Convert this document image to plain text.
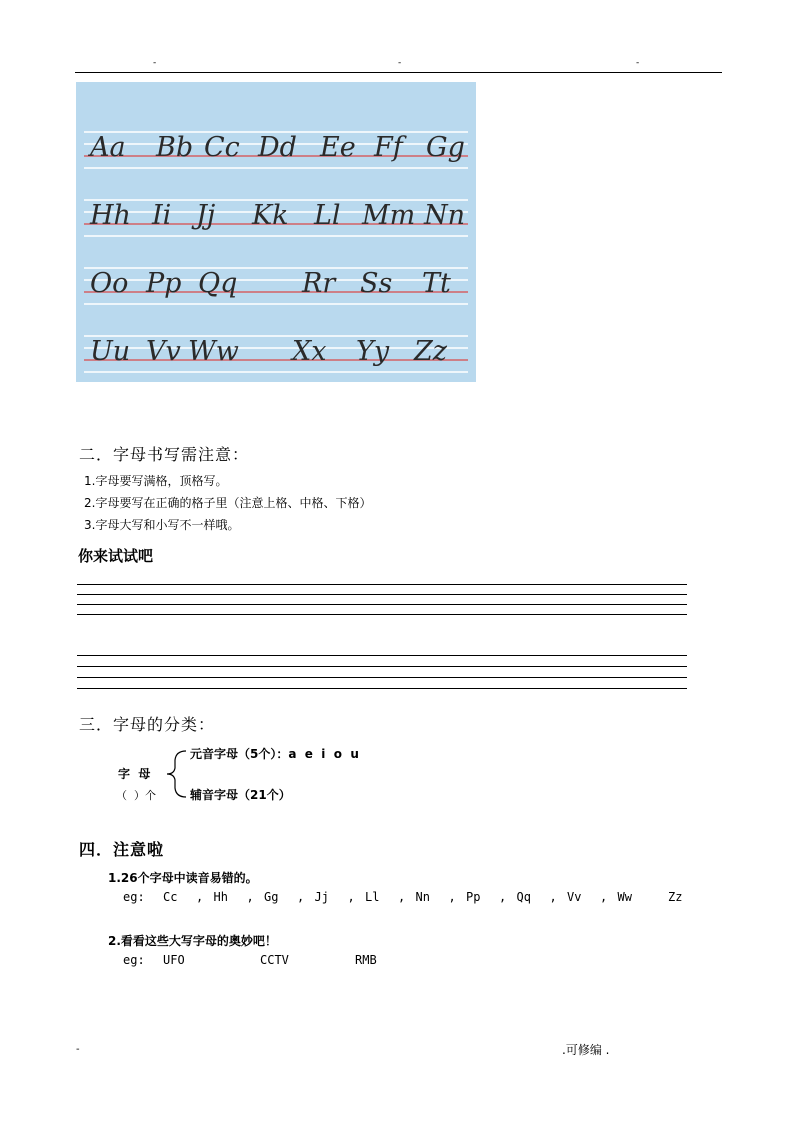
-	-	-
Aa Bb Cc Dd Ee Ff Gg
Hh Ii Jj Kk Ll Mm Nn
Oo Pp Qq Rr Ss Tt
Uu Vv Ww Xx Yy Zz
二．字母书写需注意：
1.字母要写满格，顶格写。
2.字母要写在正确的格子里（注意上格、中格、下格）
3.字母大写和小写不一样哦。
你来试试吧
三．字母的分类：
字  母
（  ）个
元音字母（5个）：a  e  i  o  u
辅音字母（21个）
四．注意啦
1.26个字母中读音易错的。
eg: Cc , Hh , Gg , Jj , Ll , Nn , Pp , Qq , Vv , Ww	Zz
2.看看这些大写字母的奥妙吧！
eg: UFO	CCTV	RMB
-	.可修编 .
